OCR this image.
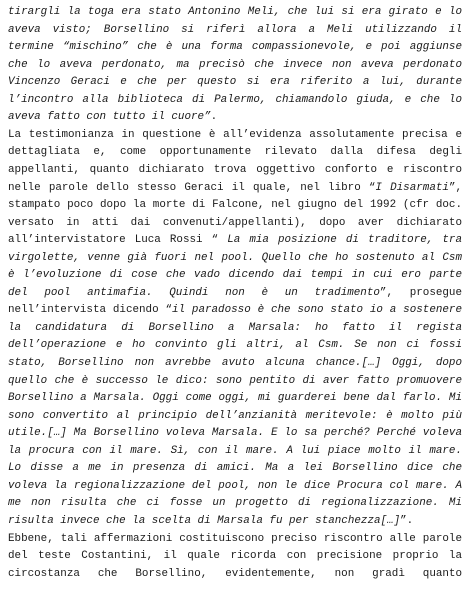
tirargli la toga era stato Antonino Meli, che lui si era girato e lo
aveva visto; Borsellino si riferì allora a Meli utilizzando il
termine “mischino” che è una forma compassionevole, e poi aggiunse
che lo aveva perdonato, ma precisò che invece non aveva perdonato
Vincenzo Geraci e che per questo si era riferito a lui, durante
l’incontro alla biblioteca di Palermo, chiamandolo giuda, e che lo
aveva fatto con tutto il cuore”.
La testimonianza in questione è all’evidenza assolutamente precisa e
dettagliata e, come opportunamente rilevato dalla difesa degli
appellanti, quanto dichiarato trova oggettivo conforto e riscontro
nelle parole dello stesso Geraci il quale, nel libro “I Disarmati”,
stampato poco dopo la morte di Falcone, nel giugno del 1992 (cfr doc.
versato in atti dai convenuti/appellanti), dopo aver dichiarato
all’intervistatore Luca Rossi “ La mia posizione di traditore, tra
virgolette, venne già fuori nel pool. Quello che ho sostenuto al Csm
è l’evoluzione di cose che vado dicendo dai tempi in cui ero parte
del pool antimafia. Quindi non è un tradimento”, prosegue
nell’intervista dicendo “il paradosso è che sono stato io a sostenere
la candidatura di Borsellino a Marsala: ho fatto il regista
dell’operazione e ho convinto gli altri, al Csm. Se non ci fossi
stato, Borsellino non avrebbe avuto alcuna chance.[…] Oggi, dopo
quello che è successo le dico: sono pentito di aver fatto promuovere
Borsellino a Marsala. Oggi come oggi, mi guarderei bene dal farlo. Mi
sono convertito al principio dell’anzianità meritevole: è molto più
utile.[…] Ma Borsellino voleva Marsala. E lo sa perché? Perché voleva
la procura con il mare. Sì, con il mare. A lui piace molto il mare.
Lo disse a me in presenza di amici. Ma a lei Borsellino dice che
voleva la regionalizzazione del pool, non le dice Procura col mare. A
me non risulta che ci fosse un progetto di regionalizzazione. Mi
risulta invece che la scelta di Marsala fu per stanchezza[…]”.
Ebbene, tali affermazioni costituiscono preciso riscontro alle parole
del teste Costantini, il quale ricorda con precisione proprio la
circostanza che Borsellino, evidentemente, non gradì quanto
